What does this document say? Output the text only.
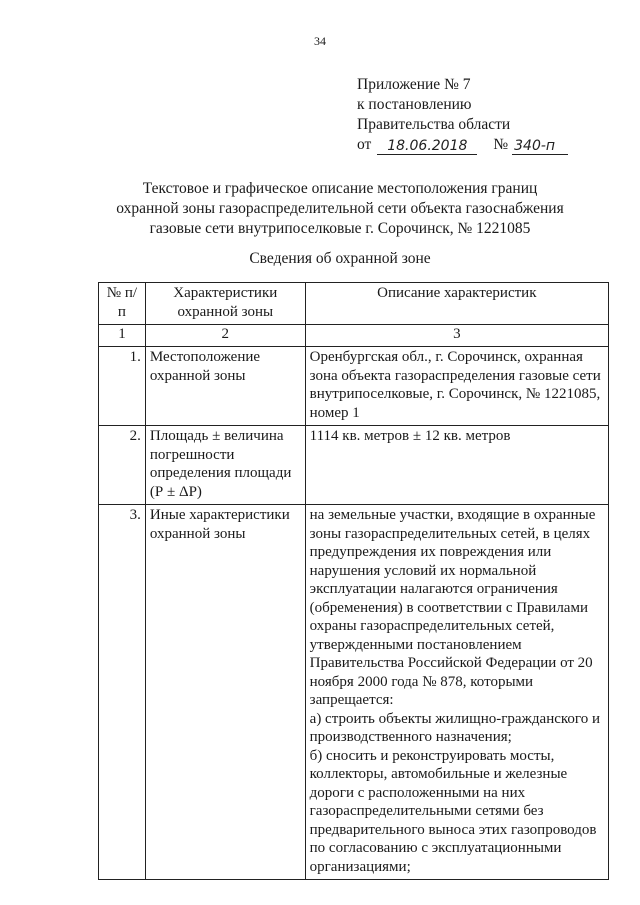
34
Приложение № 7
к постановлению
Правительства области
от	18.06.2018	№ 340-п
Текстовое и графическое описание местоположения границ
охранной зоны газораспределительной сети объекта газоснабжения
газовые сети внутрипоселковые г. Сорочинск, № 1221085
Сведения об охранной зоне
№ п/п	Характеристики охранной зоны	Описание характеристик
1	2	3
1.	Местоположение охранной зоны	Оренбургская обл., г. Сорочинск, охранная зона объекта газораспределения газовые сети внутрипоселковые, г. Сорочинск, № 1221085, номер 1
2.	Площадь ± величина погрешности определения площади (Р ± ΔР)	1114 кв. метров ± 12 кв. метров
3.	Иные характеристики охранной зоны	на земельные участки, входящие в охранные зоны газораспределительных сетей, в целях предупреждения их повреждения или нарушения условий их нормальной эксплуатации налагаются ограничения (обременения) в соответствии с Правилами охраны газораспределительных сетей, утвержденными постановлением Правительства Российской Федерации от 20 ноября 2000 года № 878, которыми запрещается:

а) строить объекты жилищно-гражданского и производственного назначения;

б) сносить и реконструировать мосты, коллекторы, автомобильные и железные дороги с расположенными на них газораспределительными сетями без предварительного выноса этих газопроводов по согласованию с эксплуатационными организациями;
